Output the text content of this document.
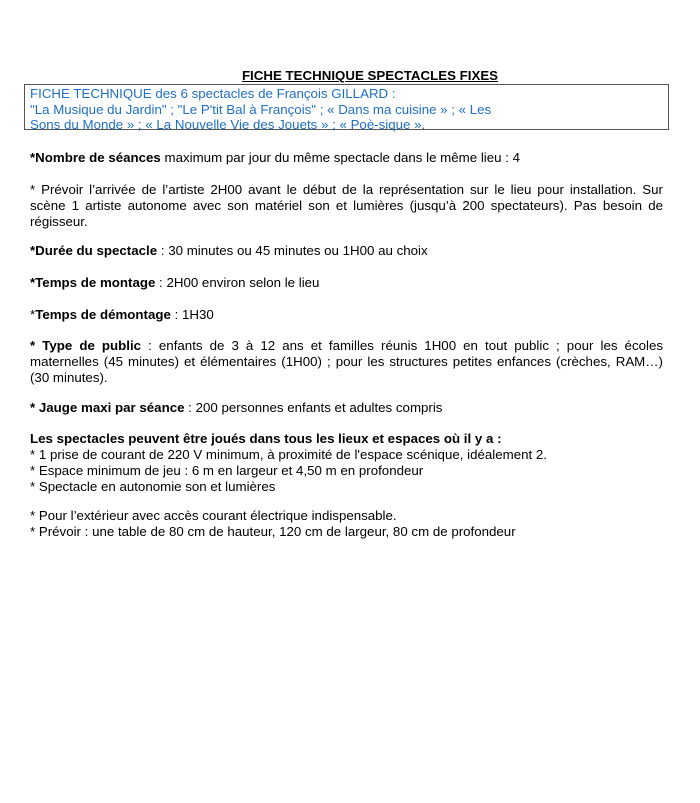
FICHE TECHNIQUE SPECTACLES FIXES
FICHE TECHNIQUE des 6 spectacles de François GILLARD :
"La Musique du Jardin" ; "Le P'tit Bal à François" ; « Dans ma cuisine » ; « Les
Sons du Monde » ; « La Nouvelle Vie des Jouets » ; « Poè-sique ».

*Nombre de séances maximum par jour du même spectacle dans le même lieu : 4

* Prévoir l’arrivée de l’artiste 2H00 avant le début de la représentation sur le lieu pour installation. Sur scène 1 artiste autonome avec son matériel son et lumières (jusqu’à 200 spectateurs). Pas besoin de régisseur.

*Durée du spectacle : 30 minutes ou 45 minutes ou 1H00 au choix

*Temps de montage : 2H00 environ selon le lieu

*Temps de démontage : 1H30

* Type de public : enfants de 3 à 12 ans et familles réunis 1H00 en tout public ; pour les écoles maternelles (45 minutes) et élémentaires (1H00) ; pour les structures petites enfances (crèches, RAM…) (30 minutes).

* Jauge maxi par séance : 200 personnes enfants et adultes compris

Les spectacles peuvent être joués dans tous les lieux et espaces où il y a :
* 1 prise de courant de 220 V minimum, à proximité de l'espace scénique, idéalement 2.
* Espace minimum de jeu : 6 m en largeur et 4,50 m en profondeur
* Spectacle en autonomie son et lumières
* Pour l’extérieur avec accès courant électrique indispensable.
* Prévoir : une table de 80 cm de hauteur, 120 cm de largeur, 80 cm de profondeur
